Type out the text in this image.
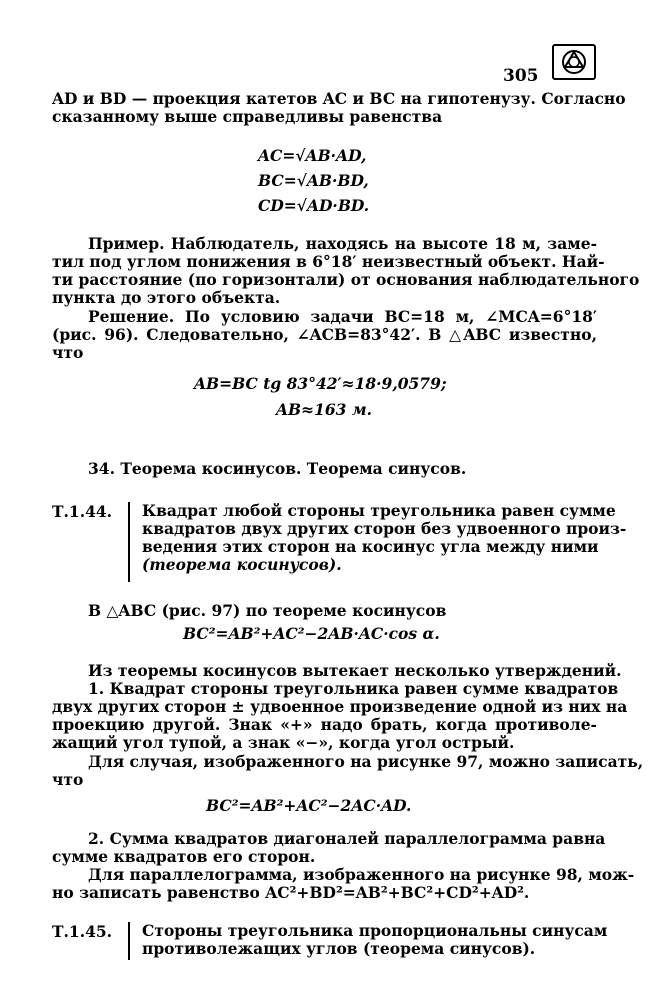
305
AD и BD — проекция катетов AC и BC на гипотенузу. Согласно
сказанному выше справедливы равенства
AC=√AB·AD,
BC=√AB·BD,
CD=√AD·BD.
Пример. Наблюдатель, находясь на высоте 18 м, заме-
тил под углом понижения в 6°18′ неизвестный объект. Най-
ти расстояние (по горизонтали) от основания наблюдательного
пункта до этого объекта.
Решение. По условию задачи BC=18 м, ∠MCA=6°18′
(рис. 96). Следовательно, ∠ACB=83°42′. В △ABC известно,
что
AB=BC tg 83°42′≈18·9,0579;
AB≈163 м.
34. Теорема косинусов. Теорема синусов.
Т.1.44. Квадрат любой стороны треугольника равен сумме
квадратов двух других сторон без удвоенного произ-
ведения этих сторон на косинус угла между ними
(теорема косинусов).
В △ABC (рис. 97) по теореме косинусов
BC²=AB²+AC²−2AB·AC·cos α.
Из теоремы косинусов вытекает несколько утверждений.
1. Квадрат стороны треугольника равен сумме квадратов
двух других сторон ± удвоенное произведение одной из них на
проекцию другой. Знак «+» надо брать, когда противоле-
жащий угол тупой, а знак «−», когда угол острый.
Для случая, изображенного на рисунке 97, можно записать,
что
BC²=AB²+AC²−2AC·AD.
2. Сумма квадратов диагоналей параллелограмма равна
сумме квадратов его сторон.
Для параллелограмма, изображенного на рисунке 98, мож-
но записать равенство AC²+BD²=AB²+BC²+CD²+AD².
Т.1.45. Стороны треугольника пропорциональны синусам
противолежащих углов (теорема синусов).
